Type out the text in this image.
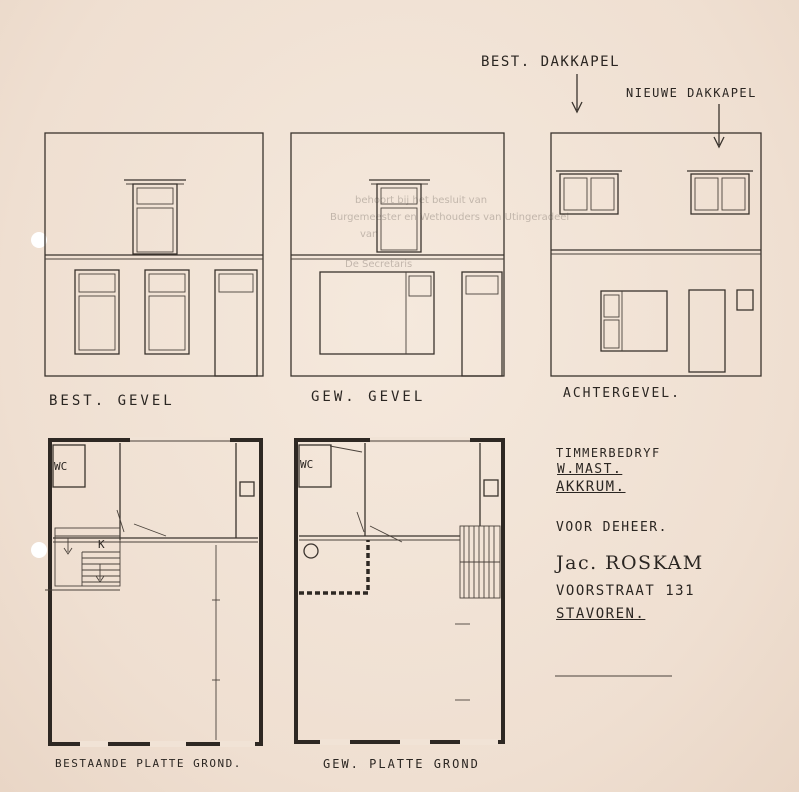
behoort bij het besluit van
Burgemeester en Wethouders van Utingeradeel
van
De Secretaris
BEST. DAKKAPEL
NIEUWE DAKKAPEL
BEST. GEVEL	GEW. GEVEL	ACHTERGEVEL.
WC	WC
K
BESTAANDE PLATTE GROND.	GEW. PLATTE GROND
TIMMERBEDRYF
W.MAST.
AKKRUM.
VOOR DEHEER.
Jac. ROSKAM
VOORSTRAAT 131
STAVOREN.
